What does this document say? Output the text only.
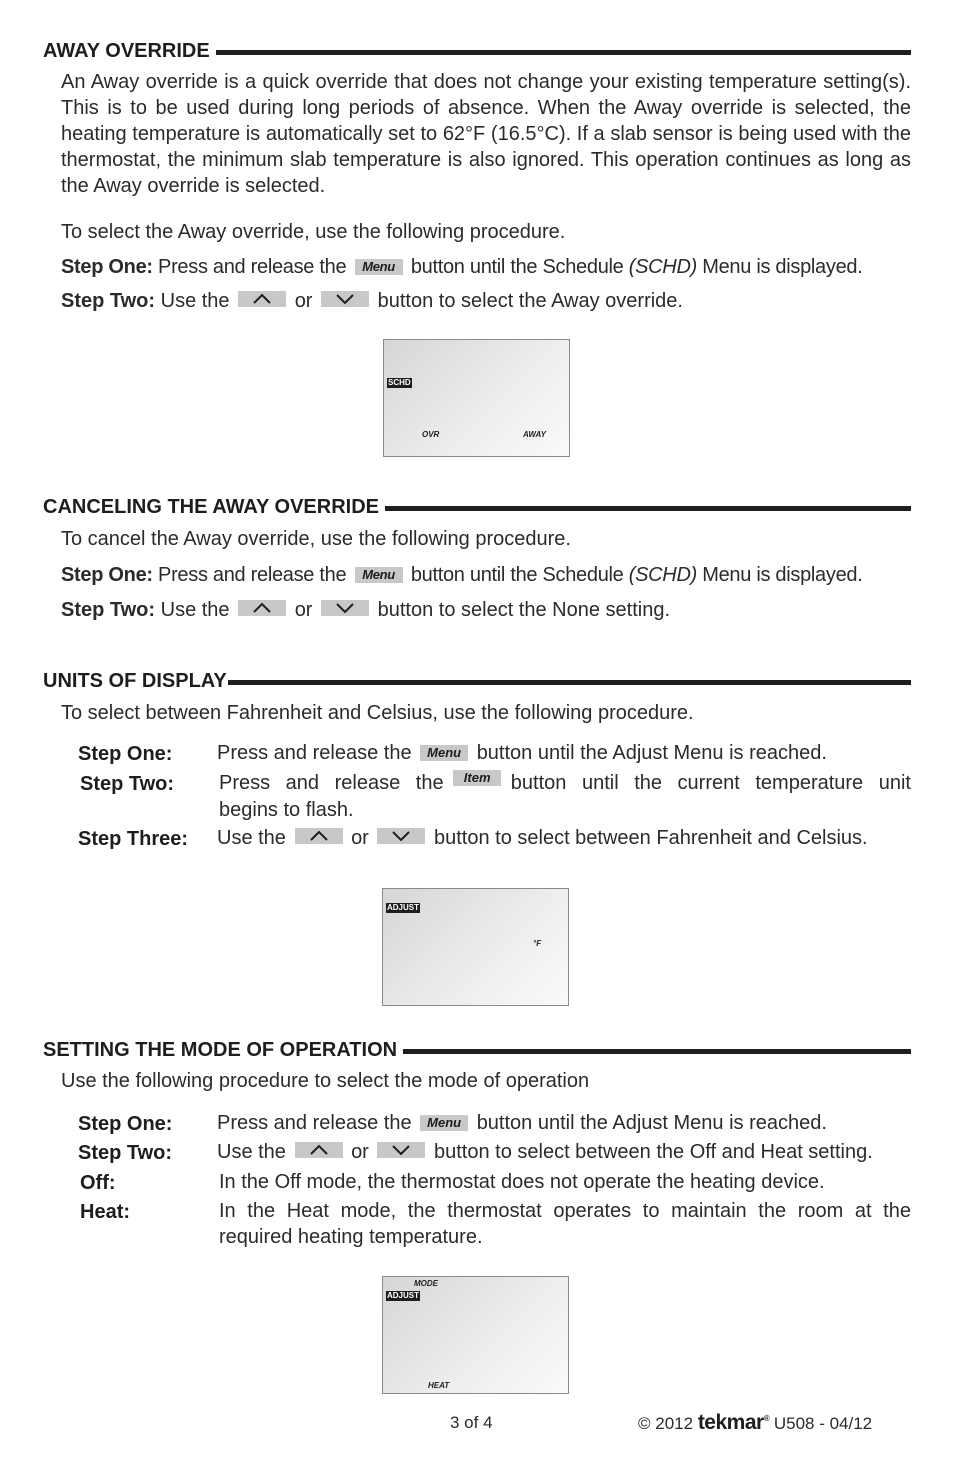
AWAY OVERRIDE
An Away override is a quick override that does not change your existing temperature setting(s). This is to be used during long periods of absence. When the Away override is selected, the heating temperature is automatically set to 62°F (16.5°C). If a slab sensor is being used with the thermostat, the minimum slab temperature is also ignored. This operation continues as long as the Away override is selected.
To select the Away override, use the following procedure.
Step One: Press and release the Menu button until the Schedule (SCHD) Menu is displayed.
Step Two: Use the	or	button to select the Away override.
SCHD
OVR	AWAY
CANCELING THE AWAY OVERRIDE
To cancel the Away override, use the following procedure.
Step One: Press and release the Menu button until the Schedule (SCHD) Menu is displayed.
Step Two: Use the	or	button to select the None setting.
UNITS OF DISPLAY
To select between Fahrenheit and Celsius, use the following procedure.
Step One: Press and release the Menu button until the Adjust Menu is reached.
Step Two: Press and release the	Item	button until the current temperature unit
begins to flash.
Step Three: Use the	or	button to select between Fahrenheit and Celsius.
ADJUST
°F
SETTING THE MODE OF OPERATION
Use the following procedure to select the mode of operation
Step One: Press and release the Menu button until the Adjust Menu is reached.
Step Two: Use the	or	button to select between the Off and Heat setting.
Off:	In the Off mode, the thermostat does not operate the heating device.
Heat:	In the Heat mode, the thermostat operates to maintain the room at the required heating temperature.
MODE
ADJUST
HEAT
3 of 4	© 2012 tekmar® U508 - 04/12
